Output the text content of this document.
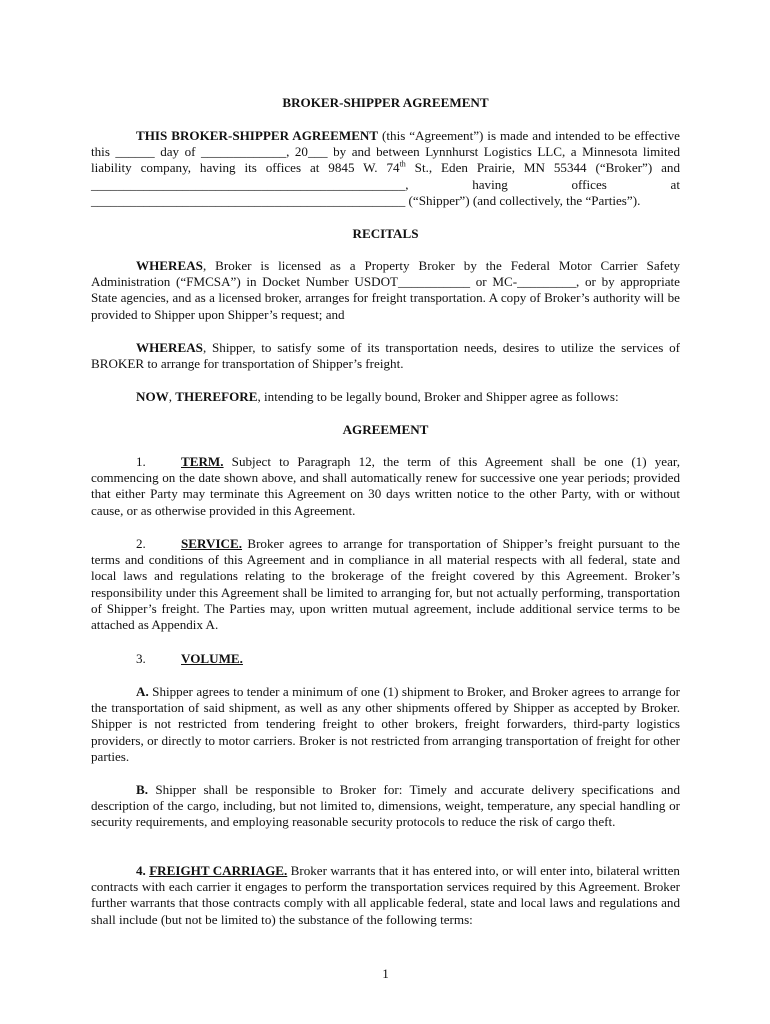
BROKER-SHIPPER AGREEMENT
THIS BROKER-SHIPPER AGREEMENT (this “Agreement”) is made and intended to be effective this ______ day of _____________, 20___ by and between Lynnhurst Logistics LLC, a Minnesota limited liability company, having its offices at 9845 W. 74th St., Eden Prairie, MN 55344 (“Broker”) and ________________________________________________, having offices at ________________________________________________ (“Shipper”) (and collectively, the “Parties”).
RECITALS
WHEREAS, Broker is licensed as a Property Broker by the Federal Motor Carrier Safety Administration (“FMCSA”) in Docket Number USDOT___________ or MC-_________, or by appropriate State agencies, and as a licensed broker, arranges for freight transportation. A copy of Broker’s authority will be provided to Shipper upon Shipper’s request; and
WHEREAS, Shipper, to satisfy some of its transportation needs, desires to utilize the services of BROKER to arrange for transportation of Shipper’s freight.
NOW, THEREFORE, intending to be legally bound, Broker and Shipper agree as follows:
AGREEMENT
1.	TERM. Subject to Paragraph 12, the term of this Agreement shall be one (1) year, commencing on the date shown above, and shall automatically renew for successive one year periods; provided that either Party may terminate this Agreement on 30 days written notice to the other Party, with or without cause, or as otherwise provided in this Agreement.
2.	SERVICE. Broker agrees to arrange for transportation of Shipper’s freight pursuant to the terms and conditions of this Agreement and in compliance in all material respects with all federal, state and local laws and regulations relating to the brokerage of the freight covered by this Agreement. Broker’s responsibility under this Agreement shall be limited to arranging for, but not actually performing, transportation of Shipper’s freight. The Parties may, upon written mutual agreement, include additional service terms to be attached as Appendix A.
3.	VOLUME.
A. Shipper agrees to tender a minimum of one (1) shipment to Broker, and Broker agrees to arrange for the transportation of said shipment, as well as any other shipments offered by Shipper as accepted by Broker. Shipper is not restricted from tendering freight to other brokers, freight forwarders, third-party logistics providers, or directly to motor carriers. Broker is not restricted from arranging transportation of freight for other parties.
B. Shipper shall be responsible to Broker for: Timely and accurate delivery specifications and description of the cargo, including, but not limited to, dimensions, weight, temperature, any special handling or security requirements, and employing reasonable security protocols to reduce the risk of cargo theft.
4. FREIGHT CARRIAGE. Broker warrants that it has entered into, or will enter into, bilateral written contracts with each carrier it engages to perform the transportation services required by this Agreement. Broker further warrants that those contracts comply with all applicable federal, state and local laws and regulations and shall include (but not be limited to) the substance of the following terms:
1
